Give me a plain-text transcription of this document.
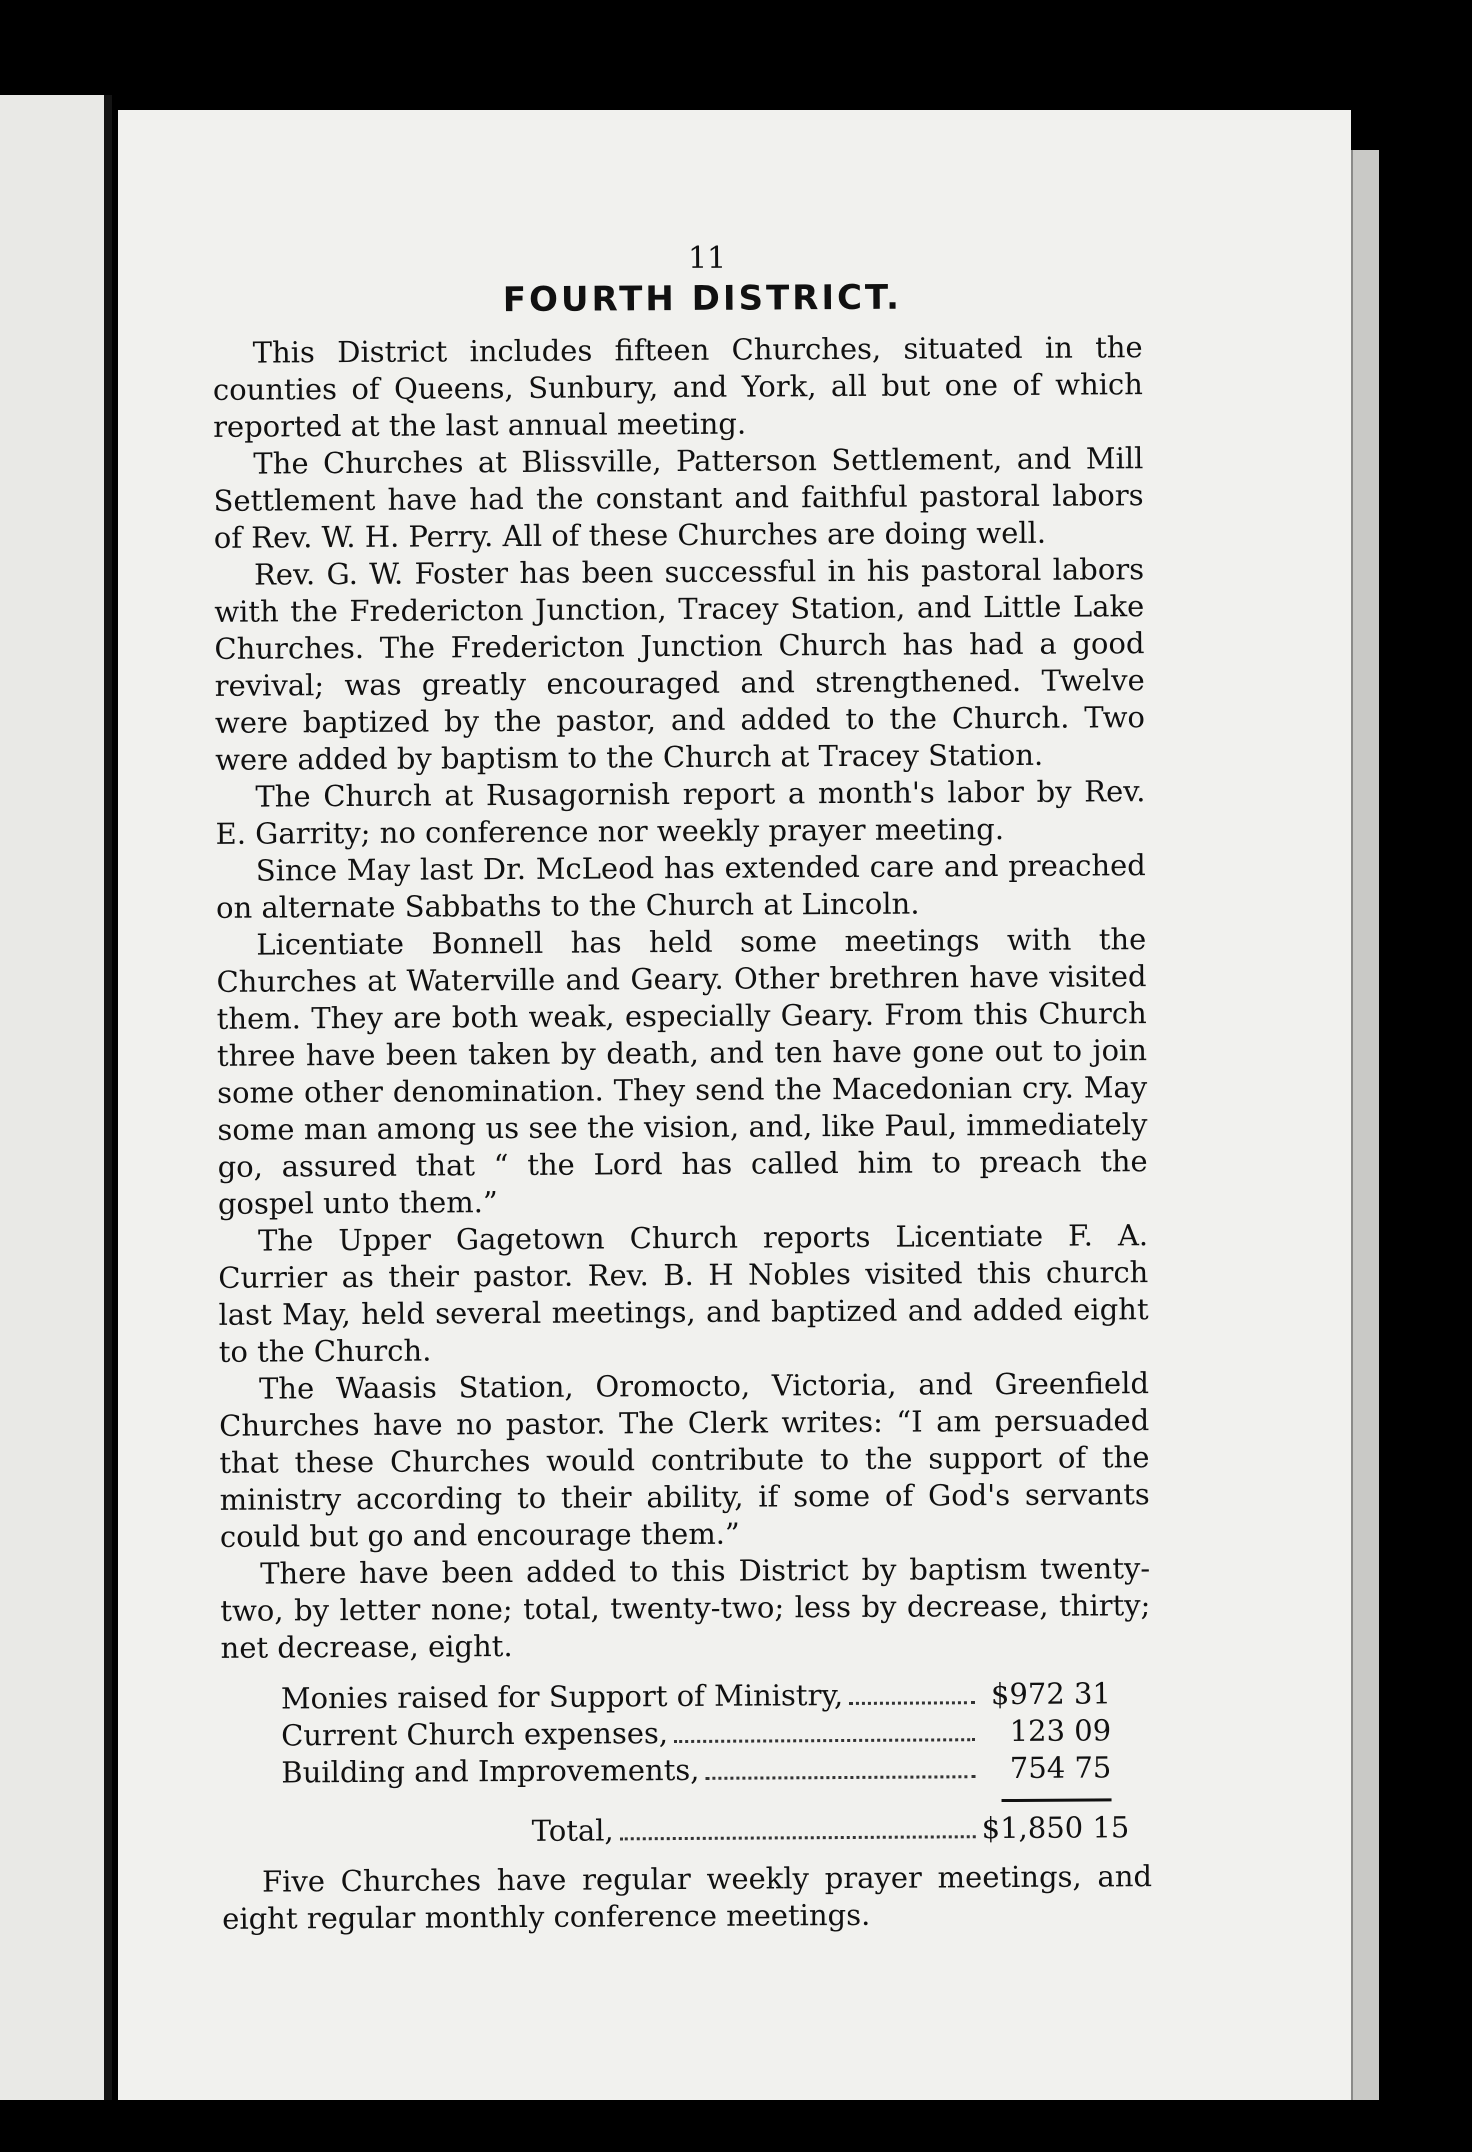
11
FOURTH DISTRICT.

This District includes fifteen Churches, situated in the counties of Queens, Sunbury, and York, all but one of which reported at the last annual meeting.

The Churches at Blissville, Patterson Settlement, and Mill Settlement have had the constant and faithful pastoral labors of Rev. W. H. Perry. All of these Churches are doing well.

Rev. G. W. Foster has been successful in his pastoral labors with the Fredericton Junction, Tracey Station, and Little Lake Churches. The Fredericton Junction Church has had a good revival; was greatly encouraged and strengthened. Twelve were baptized by the pastor, and added to the Church. Two were added by baptism to the Church at Tracey Station.

The Church at Rusagornish report a month's labor by Rev. E. Garrity; no conference nor weekly prayer meeting.

Since May last Dr. McLeod has extended care and preached on alternate Sabbaths to the Church at Lincoln.

Licentiate Bonnell has held some meetings with the Churches at Waterville and Geary. Other brethren have visited them. They are both weak, especially Geary. From this Church three have been taken by death, and ten have gone out to join some other denomination. They send the Macedonian cry. May some man among us see the vision, and, like Paul, immediately go, assured that “ the Lord has called him to preach the gospel unto them.”

The Upper Gagetown Church reports Licentiate F. A. Currier as their pastor. Rev. B. H Nobles visited this church last May, held several meetings, and baptized and added eight to the Church.

The Waasis Station, Oromocto, Victoria, and Greenfield Churches have no pastor. The Clerk writes: “I am persuaded that these Churches would contribute to the support of the ministry according to their ability, if some of God's servants could but go and encourage them.”

There have been added to this District by baptism twenty-two, by letter none; total, twenty-two; less by decrease, thirty; net decrease, eight.

Monies raised for Support of Ministry,	$972 31
Current Church expenses,	123 09
Building and Improvements,	754 75
Total,	$1,850 15

Five Churches have regular weekly prayer meetings, and eight regular monthly conference meetings.
